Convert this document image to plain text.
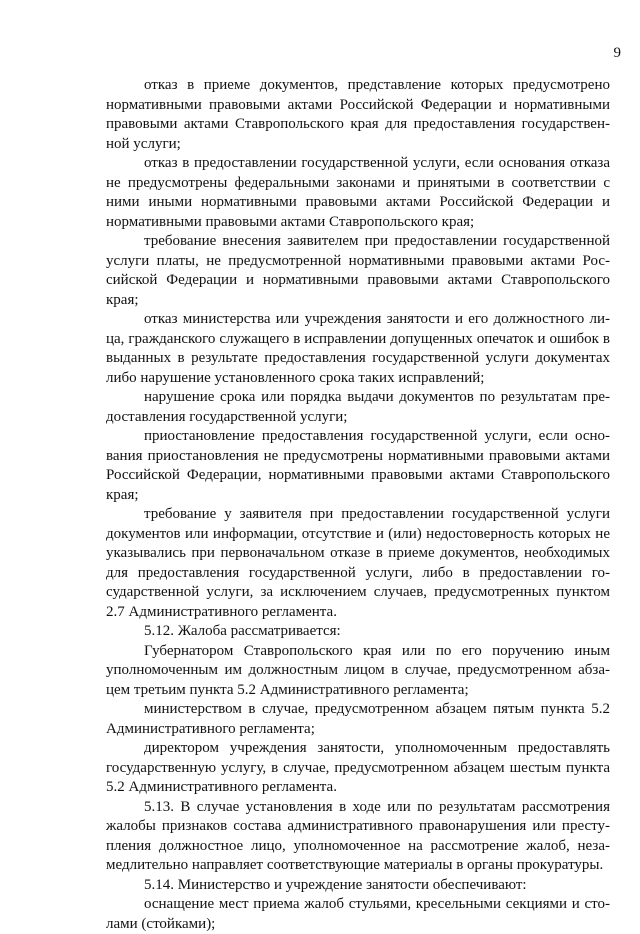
9

отказ в приеме документов, представление которых предусмотрено нормативными правовыми актами Российской Федерации и нормативными правовыми актами Ставропольского края для предоставления государственной услуги;

отказ в предоставлении государственной услуги, если основания отказа не предусмотрены федеральными законами и принятыми в соответствии с ними иными нормативными правовыми актами Российской Федерации и нормативными правовыми актами Ставропольского края;

требование внесения заявителем при предоставлении государственной услуги платы, не предусмотренной нормативными правовыми актами Российской Федерации и нормативными правовыми актами Ставропольского края;

отказ министерства или учреждения занятости и его должностного лица, гражданского служащего в исправлении допущенных опечаток и ошибок в выданных в результате предоставления государственной услуги документах либо нарушение установленного срока таких исправлений;

нарушение срока или порядка выдачи документов по результатам предоставления государственной услуги;

приостановление предоставления государственной услуги, если основания приостановления не предусмотрены нормативными правовыми актами Российской Федерации, нормативными правовыми актами Ставропольского края;

требование у заявителя при предоставлении государственной услуги документов или информации, отсутствие и (или) недостоверность которых не указывались при первоначальном отказе в приеме документов, необходимых для предоставления государственной услуги, либо в предоставлении государственной услуги, за исключением случаев, предусмотренных пунктом 2.7 Административного регламента.

5.12. Жалоба рассматривается:

Губернатором Ставропольского края или по его поручению иным уполномоченным им должностным лицом в случае, предусмотренном абзацем третьим пункта 5.2 Административного регламента;

министерством в случае, предусмотренном абзацем пятым пункта 5.2 Административного регламента;

директором учреждения занятости, уполномоченным предоставлять государственную услугу, в случае, предусмотренном абзацем шестым пункта 5.2 Административного регламента.

5.13. В случае установления в ходе или по результатам рассмотрения жалобы признаков состава административного правонарушения или преступления должностное лицо, уполномоченное на рассмотрение жалоб, незамедлительно направляет соответствующие материалы в органы прокуратуры.

5.14. Министерство и учреждение занятости обеспечивают:

оснащение мест приема жалоб стульями, кресельными секциями и столами (стойками);
